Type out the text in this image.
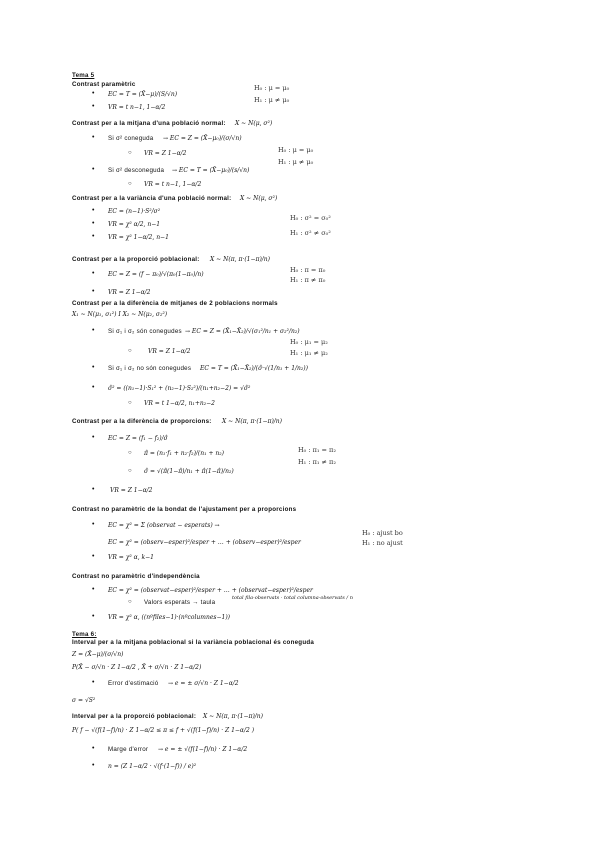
Tema 5
Contrast paramètric
• EC = T = (X̄−μ)/(S/√n)
• VR = t n−1, 1−α/2
H₀ : μ = μ₀
H₁ : μ ≠ μ₀
Contrast per a la mitjana d'una població normal: X ~ N(μ, σ²)
• Si σ² coneguda → EC = Z = (X̄−μ₀)/(σ/√n)
○ VR = Z 1−α/2
• Si σ² desconeguda → EC = T = (X̄−μ₀)/(s/√n)
○ VR = t n−1, 1−α/2
H₀ : μ = μ₀
H₁ : μ ≠ μ₀
Contrast per a la variància d'una població normal: X ~ N(μ, σ²)
• EC = (n−1)·S²/σ²
• VR = χ² α/2, n−1
• VR = χ² 1−α/2, n−1
H₀ : σ² = σ₀²
H₁ : σ² ≠ σ₀²
Contrast per a la proporció poblacional: X ~ N(π, π·(1−π)/n)
• EC = Z = (f − π₀)/√(π₀(1−π₀)/n)
• VR = Z 1−α/2
H₀ : π = π₀
H₁ : π ≠ π₀
Contrast per a la diferència de mitjanes de 2 poblacions normals
X₁ ~ N(μ₁, σ₁²) I X₂ ~ N(μ₂, σ₂²)
• Si σ₁ i σ₂ són conegudes → EC = Z = (X̄₁−X̄₂)/√(σ₁²/n₁ + σ₂²/n₂)
○	VR = Z 1−α/2
• Si σ₁ i σ₂ no són conegudes EC = T = (X̄₁−X̄₂)/(σ̂·√(1/n₁ + 1/n₂))
• σ̂² = ((n₁−1)·S₁² + (n₂−1)·S₂²)/(n₁+n₂−2) = √σ̂²
○ VR = t 1−α/2, n₁+n₂−2
H₀ : μ₁ = μ₂
H₁ : μ₁ ≠ μ₂
Contrast per a la diferència de proporcions: X ~ N(π, π·(1−π)/n)
• EC = Z = (f₁ − f₂)/σ̂
○ π̂ = (n₁·f₁ + n₂·f₂)/(n₁ + n₂)
○ σ̂ = √(π̂(1−π̂)/n₁ + π̂(1−π̂)/n₂)
•	VR = Z 1−α/2
H₀ : π₁ = π₂
H₁ : π₁ ≠ π₂
Contrast no paramètric de la bondat de l'ajustament per a proporcions
• EC = χ² = Σ (observat − esperats) →
EC = χ² = (observ−esper)²/esper + … + (observ−esper)²/esper
• VR = χ² α, k−1
H₀ : ajust bo
H₁ : no ajust
Contrast no paramètric d'independència
• EC = χ² = (observat−esper)²/esper + … + (observat−esper)²/esper
○ Valors esperats → taula
total fila·observats · total columna·observats / n
• VR = χ² α, ((nºfiles−1)·(nºcolumnes−1))
Tema 6:
Interval per a la mitjana poblacional si la variància poblacional és coneguda
Z = (X̄−μ)/(σ/√n)
P(X̄ − σ/√n · Z 1−α/2 , X̄ + σ/√n · Z 1−α/2)
• Error d'estimació → e = ± σ/√n · Z 1−α/2
σ = √S²
Interval per a la proporció poblacional: X ~ N(π, π·(1−π)/n)
P( f − √(f(1−f)/n) · Z 1−α/2 ≤ π ≤ f + √(f(1−f)/n) · Z 1−α/2 )
• Marge d'error → e = ± √(f(1−f)/n) · Z 1−α/2
• n = (Z 1−α/2 · √(f·(1−f)) / e)²
